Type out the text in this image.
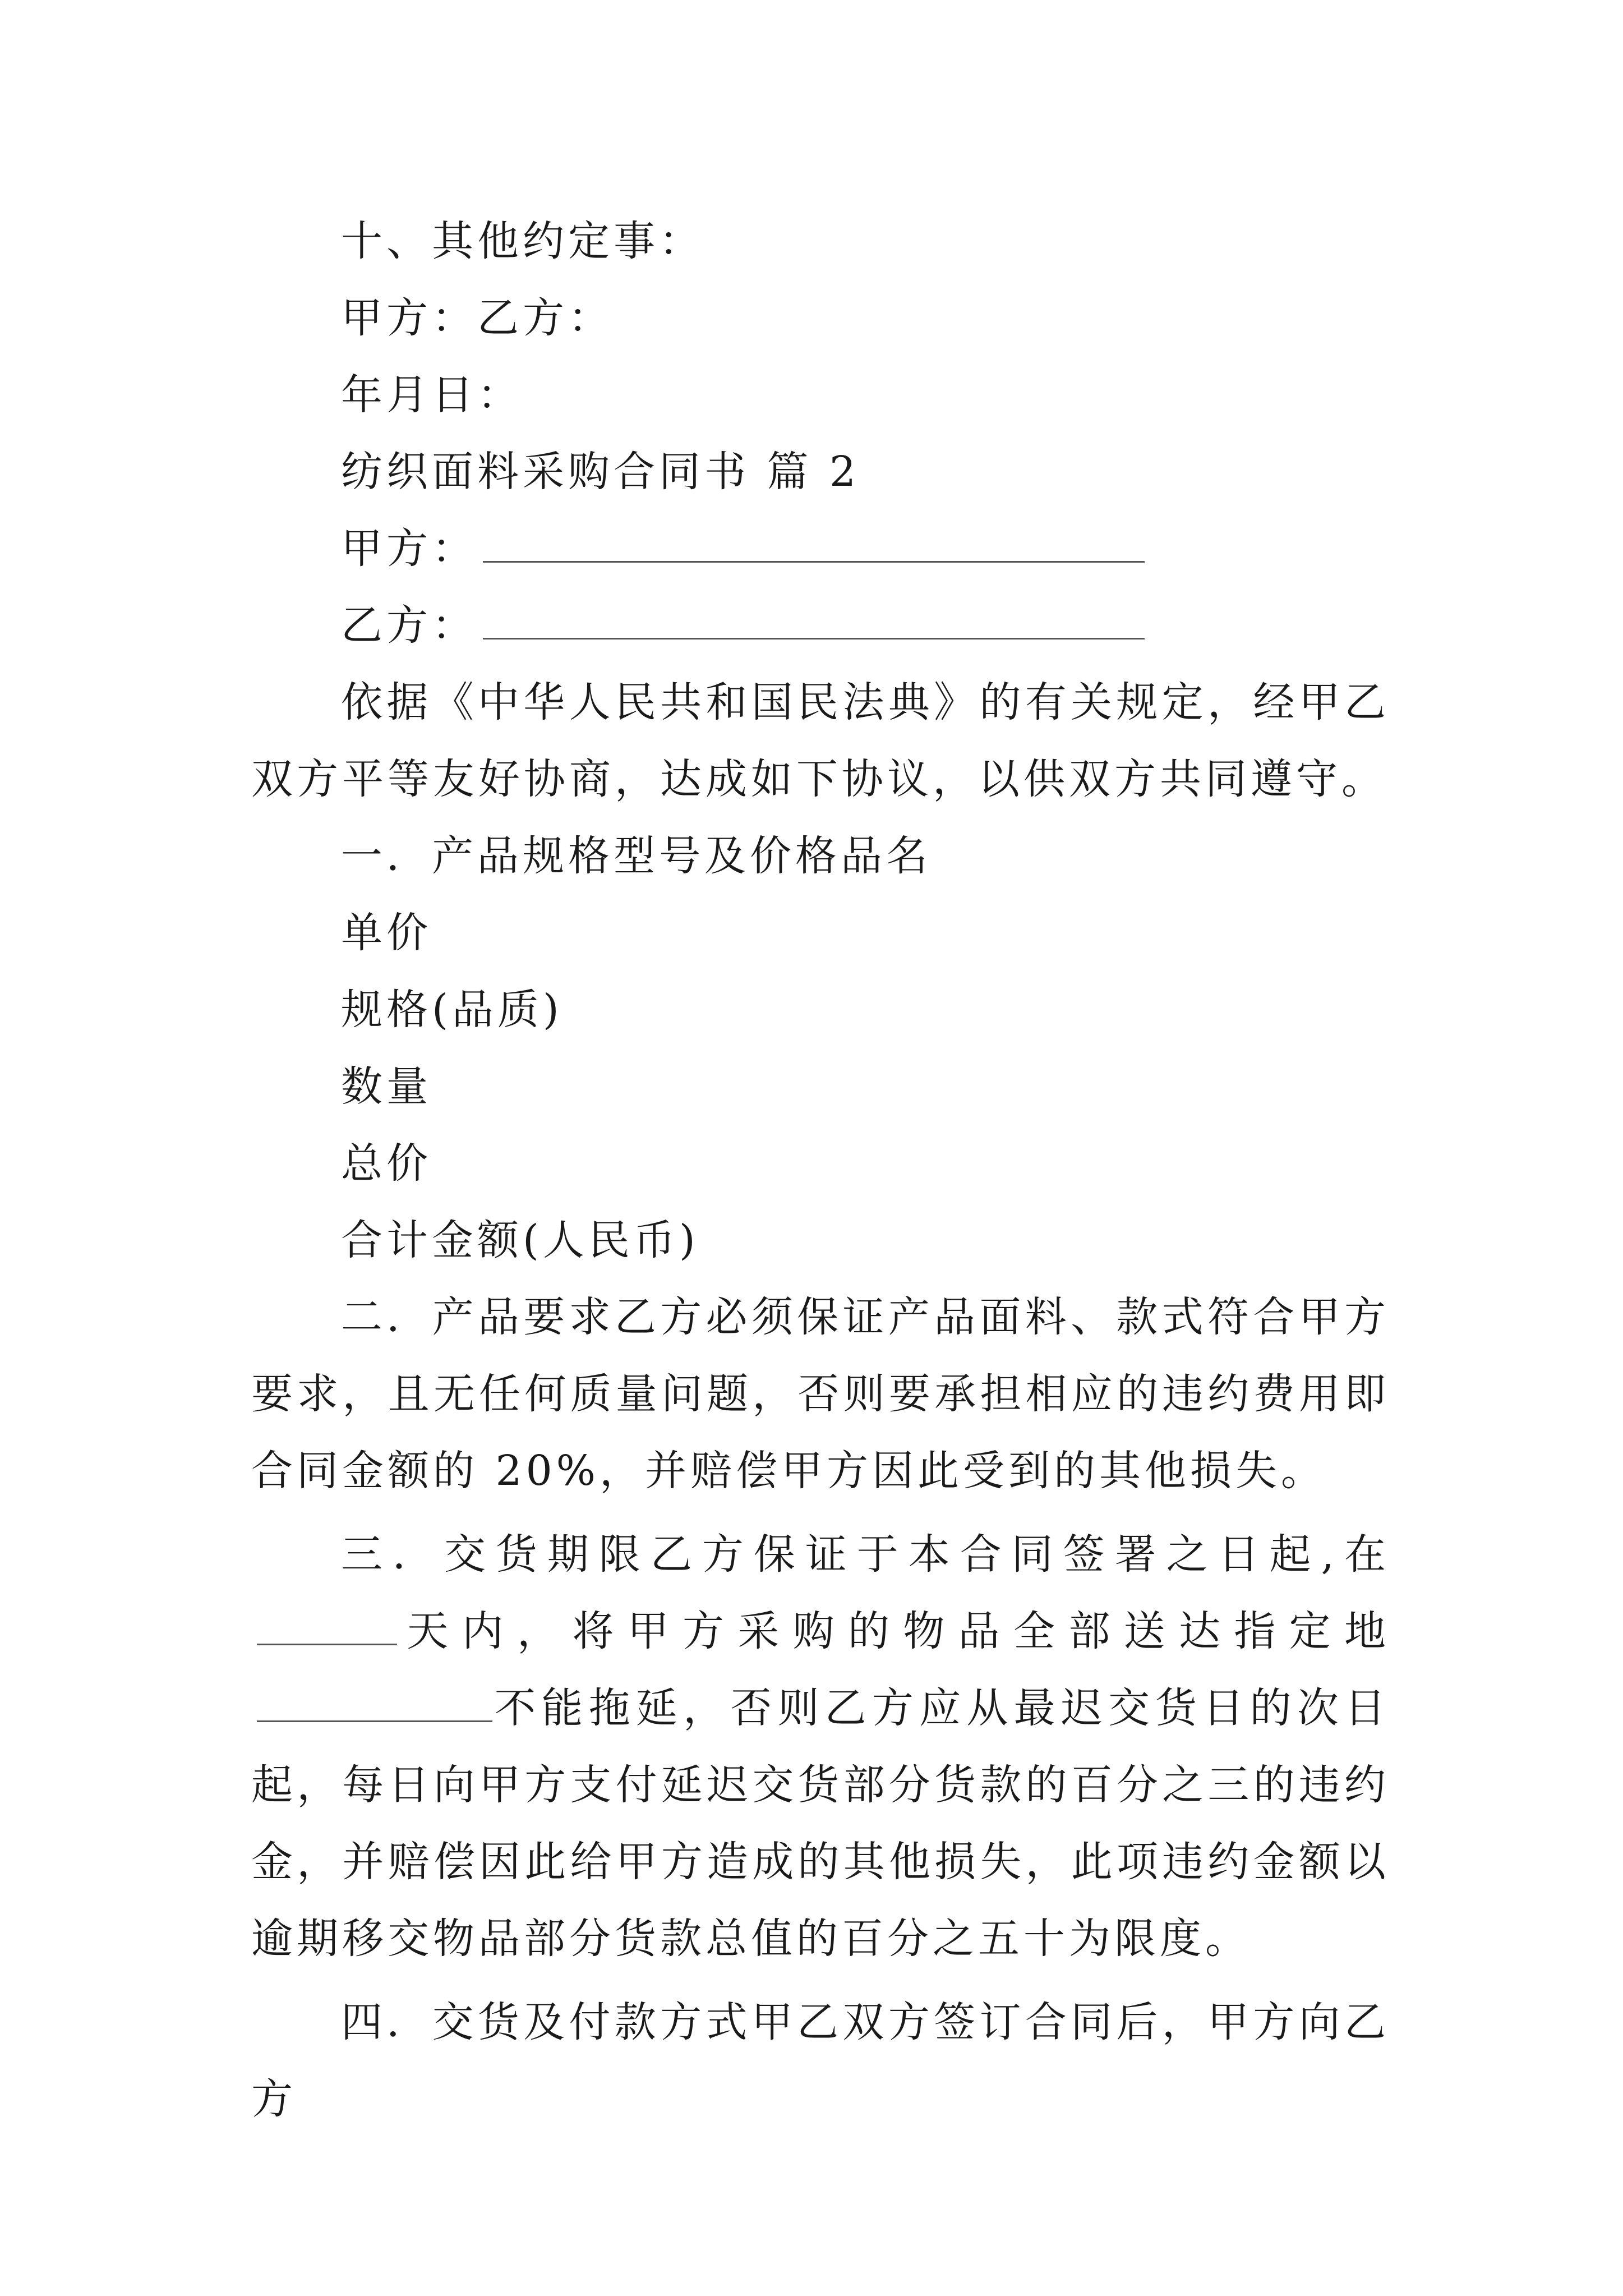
十、其他约定事：

甲方：乙方：

年月日：

纺织面料采购合同书 篇 2

甲方：

乙方：

依据《中华人民共和国民法典》的有关规定，经甲乙双方平等友好协商，达成如下协议，以供双方共同遵守。

一．产品规格型号及价格品名

单价

规格(品质)

数量

总价

合计金额(人民币)

二．产品要求乙方必须保证产品面料、款式符合甲方要求，且无任何质量问题，否则要承担相应的违约费用即合同金额的 20%，并赔偿甲方因此受到的其他损失。

三．交货期限乙方保证于本合同签署之日起,在天内，将甲方采购的物品全部送达指定地不能拖延，否则乙方应从最迟交货日的次日起，每日向甲方支付延迟交货部分货款的百分之三的违约金，并赔偿因此给甲方造成的其他损失，此项违约金额以逾期移交物品部分货款总值的百分之五十为限度。

四．交货及付款方式甲乙双方签订合同后，甲方向乙方
